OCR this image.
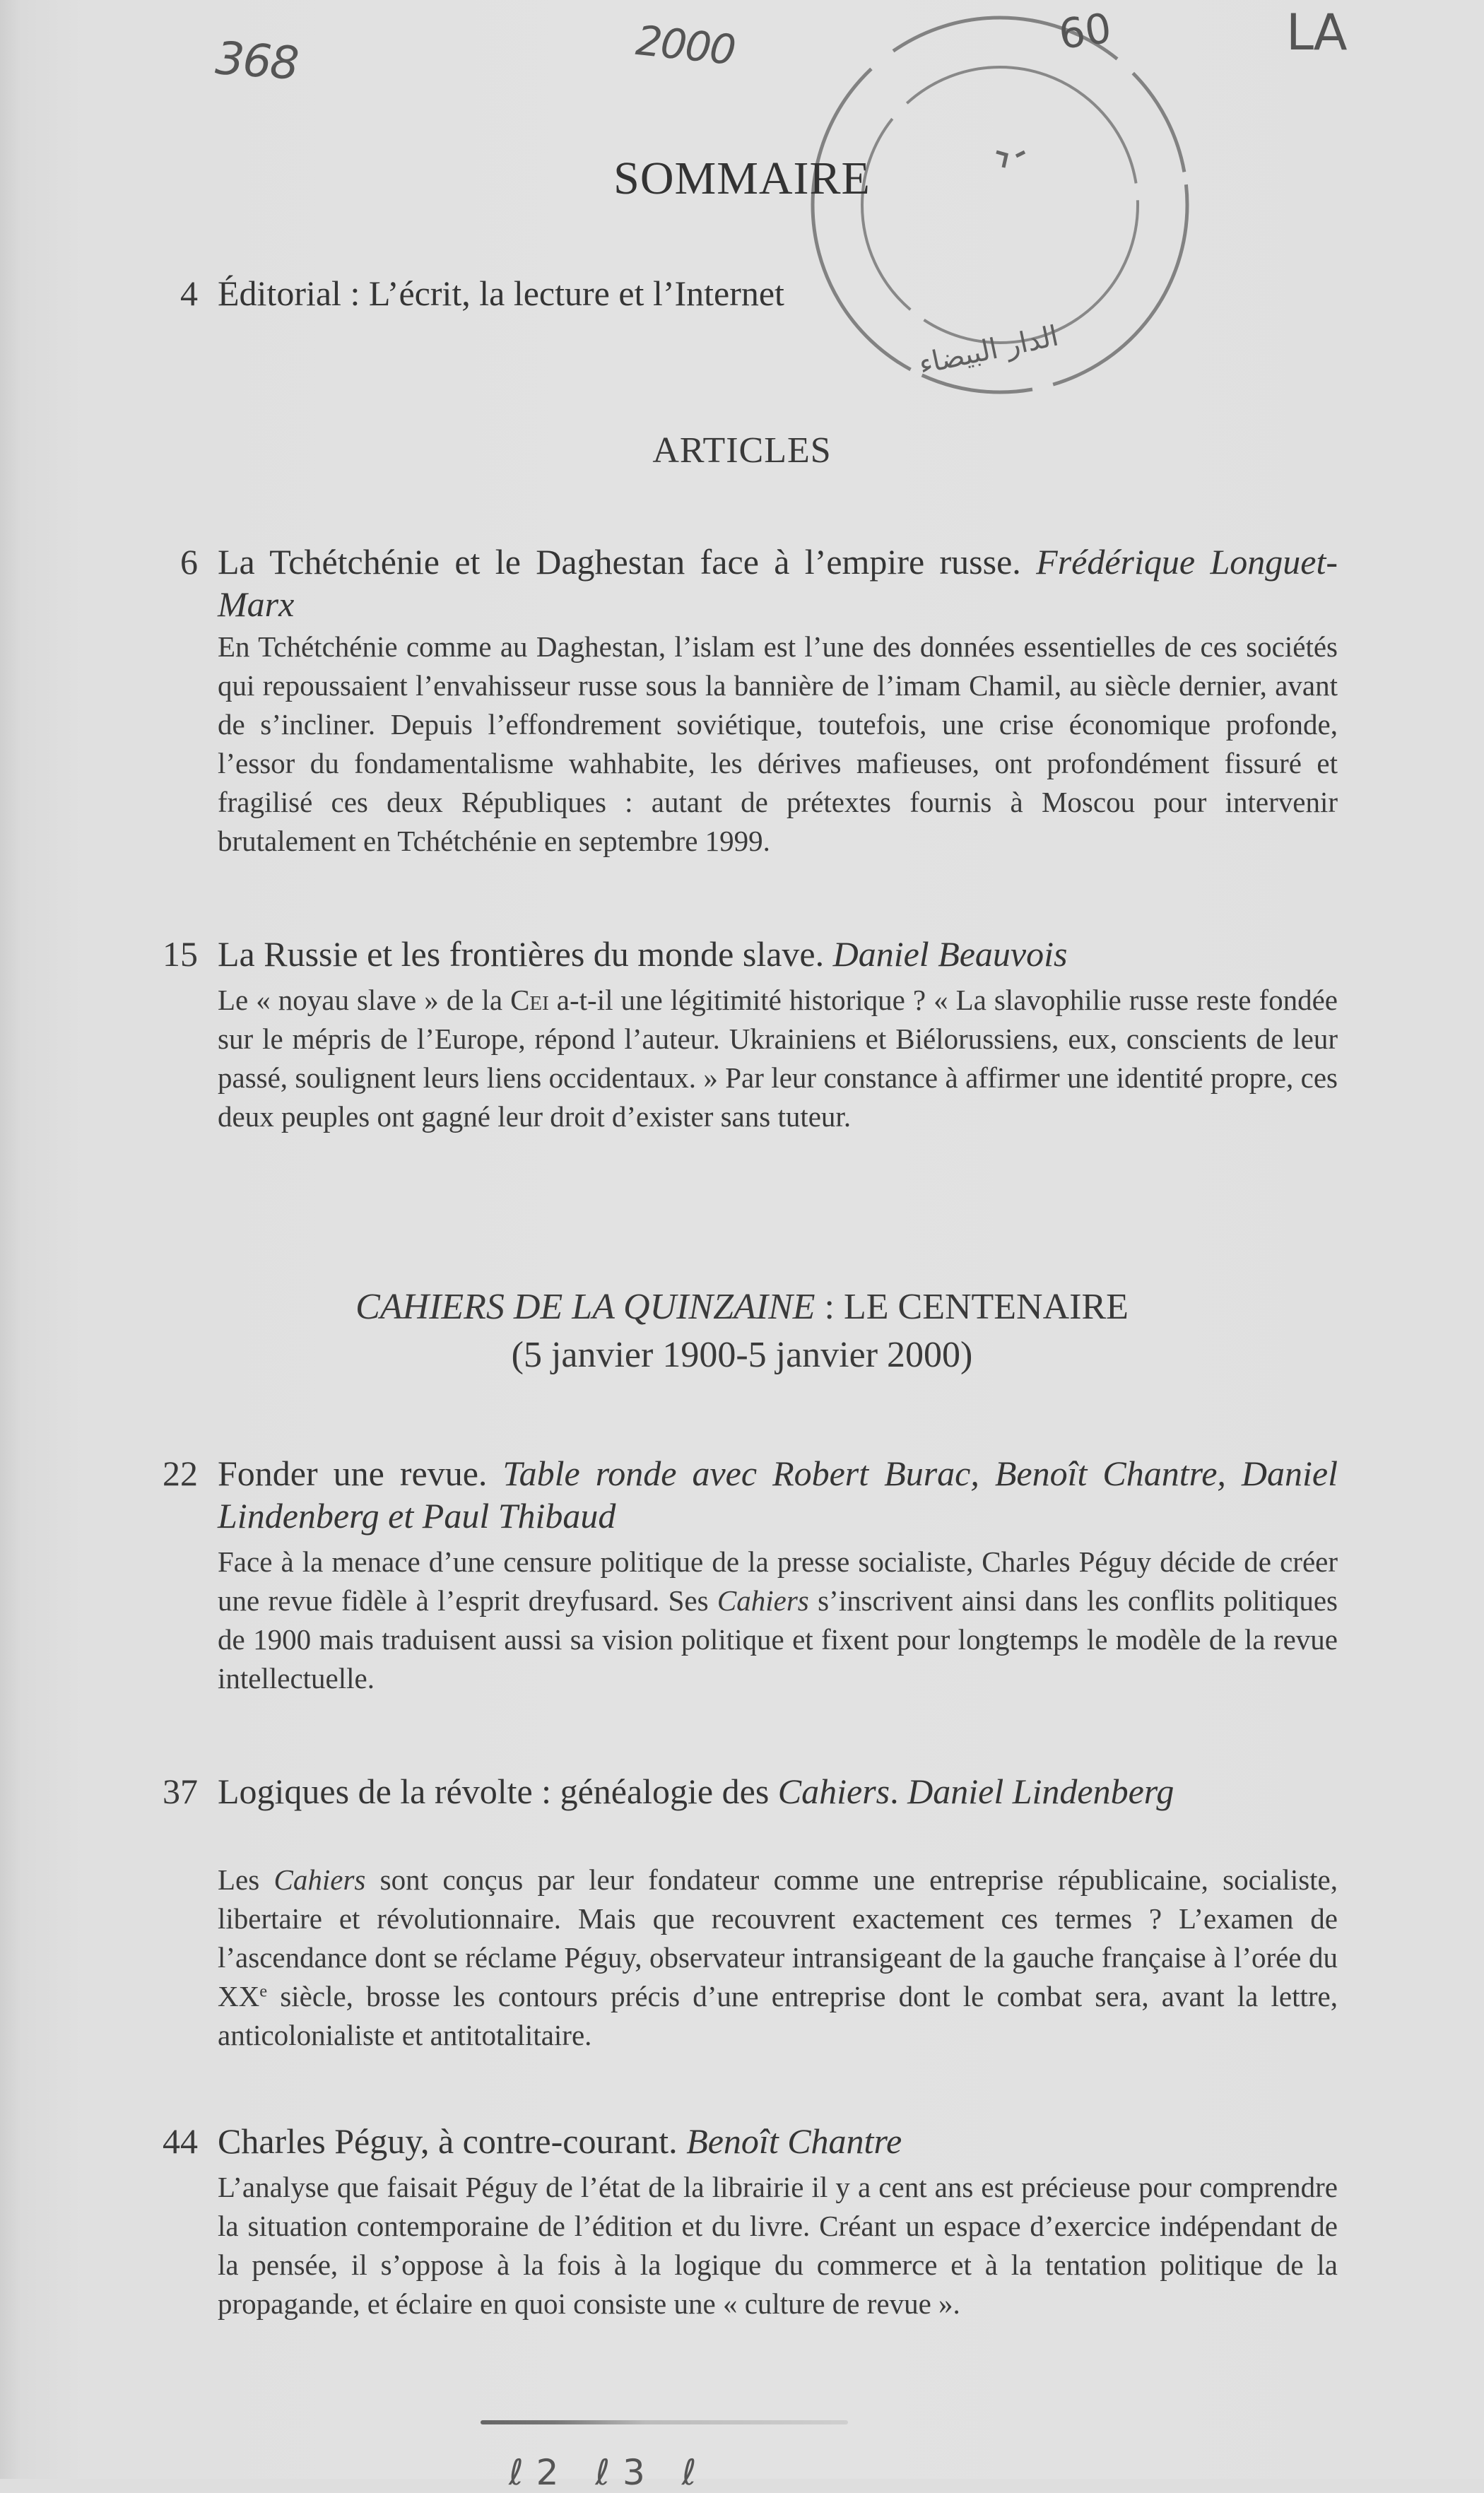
368	2000	LA
الدار البيضاء
60
SOMMAIRE
4 Éditorial : L’écrit, la lecture et l’Internet
ARTICLES
6 La Tchétchénie et le Daghestan face à l’empire russe. Frédérique Longuet-Marx
En Tchétchénie comme au Daghestan, l’islam est l’une des données essentielles de ces sociétés qui repoussaient l’envahisseur russe sous la bannière de l’imam Chamil, au siècle dernier, avant de s’incliner. Depuis l’effondrement soviétique, toutefois, une crise économique profonde, l’essor du fondamentalisme wahhabite, les dérives mafieuses, ont profondément fissuré et fragilisé ces deux Républiques : autant de prétextes fournis à Moscou pour intervenir brutalement en Tchétchénie en septembre 1999.
15 La Russie et les frontières du monde slave. Daniel Beauvois
Le « noyau slave » de la Cei a-t-il une légitimité historique ? « La slavophilie russe reste fondée sur le mépris de l’Europe, répond l’auteur. Ukrainiens et Biélorussiens, eux, conscients de leur passé, soulignent leurs liens occidentaux. » Par leur constance à affirmer une identité propre, ces deux peuples ont gagné leur droit d’exister sans tuteur.
CAHIERS DE LA QUINZAINE : LE CENTENAIRE
(5 janvier 1900-5 janvier 2000)
22 Fonder une revue. Table ronde avec Robert Burac, Benoît Chantre, Daniel Lindenberg et Paul Thibaud
Face à la menace d’une censure politique de la presse socialiste, Charles Péguy décide de créer une revue fidèle à l’esprit dreyfusard. Ses Cahiers s’inscrivent ainsi dans les conflits politiques de 1900 mais traduisent aussi sa vision politique et fixent pour longtemps le modèle de la revue intellectuelle.
37 Logiques de la révolte : généalogie des Cahiers. Daniel Lindenberg
Les Cahiers sont conçus par leur fondateur comme une entreprise républicaine, socialiste, libertaire et révolutionnaire. Mais que recouvrent exactement ces termes ? L’examen de l’ascendance dont se réclame Péguy, observateur intransigeant de la gauche française à l’orée du XXe siècle, brosse les contours précis d’une entreprise dont le combat sera, avant la lettre, anticolonialiste et antitotalitaire.
44 Charles Péguy, à contre-courant. Benoît Chantre
L’analyse que faisait Péguy de l’état de la librairie il y a cent ans est précieuse pour comprendre la situation contemporaine de l’édition et du livre. Créant un espace d’exercice indépendant de la pensée, il s’oppose à la fois à la logique du commerce et à la tentation politique de la propagande, et éclaire en quoi consiste une « culture de revue ».
ℓ2 ℓ3 ℓ
